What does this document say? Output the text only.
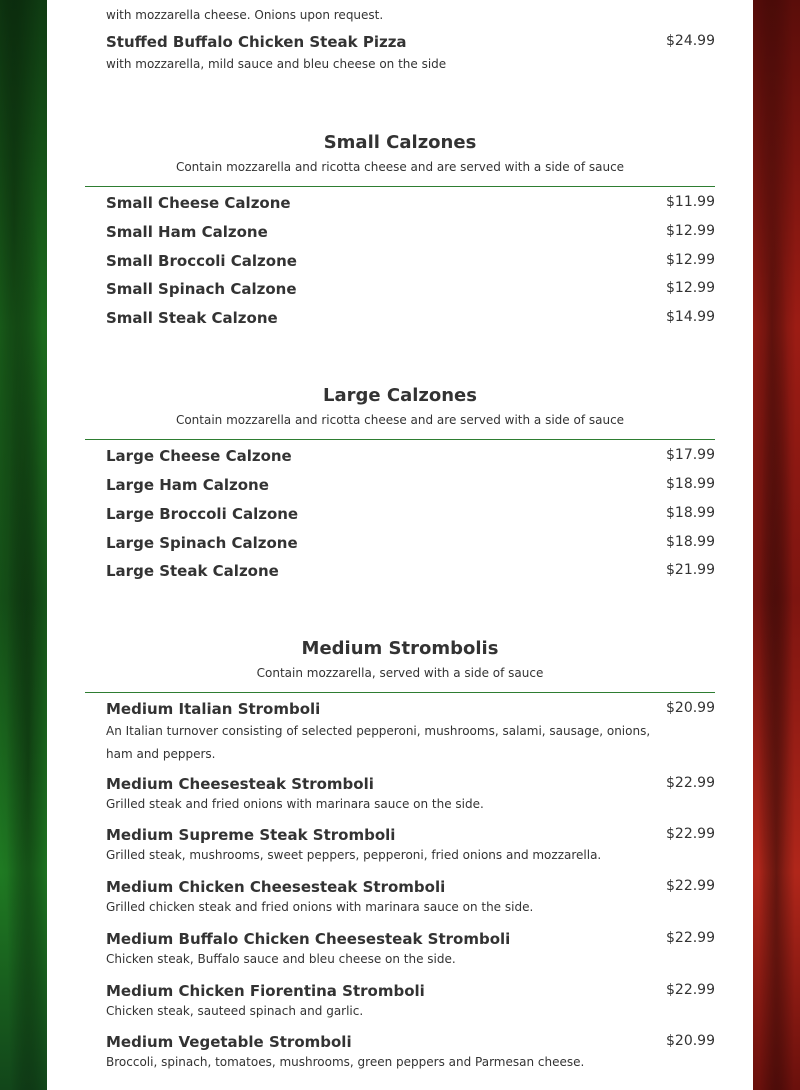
with mozzarella cheese. Onions upon request.
Stuffed Buffalo Chicken Steak Pizza	$24.99
with mozzarella, mild sauce and bleu cheese on the side
Small Calzones
Contain mozzarella and ricotta cheese and are served with a side of sauce
Small Cheese Calzone	$11.99
Small Ham Calzone	$12.99
Small Broccoli Calzone	$12.99
Small Spinach Calzone	$12.99
Small Steak Calzone	$14.99
Large Calzones
Contain mozzarella and ricotta cheese and are served with a side of sauce
Large Cheese Calzone	$17.99
Large Ham Calzone	$18.99
Large Broccoli Calzone	$18.99
Large Spinach Calzone	$18.99
Large Steak Calzone	$21.99
Medium Strombolis
Contain mozzarella, served with a side of sauce
Medium Italian Stromboli	$20.99
An Italian turnover consisting of selected pepperoni, mushrooms, salami, sausage, onions, ham and peppers.
Medium Cheesesteak Stromboli	$22.99
Grilled steak and fried onions with marinara sauce on the side.
Medium Supreme Steak Stromboli	$22.99
Grilled steak, mushrooms, sweet peppers, pepperoni, fried onions and mozzarella.
Medium Chicken Cheesesteak Stromboli	$22.99
Grilled chicken steak and fried onions with marinara sauce on the side.
Medium Buffalo Chicken Cheesesteak Stromboli	$22.99
Chicken steak, Buffalo sauce and bleu cheese on the side.
Medium Chicken Fiorentina Stromboli	$22.99
Chicken steak, sauteed spinach and garlic.
Medium Vegetable Stromboli	$20.99
Broccoli, spinach, tomatoes, mushrooms, green peppers and Parmesan cheese.
